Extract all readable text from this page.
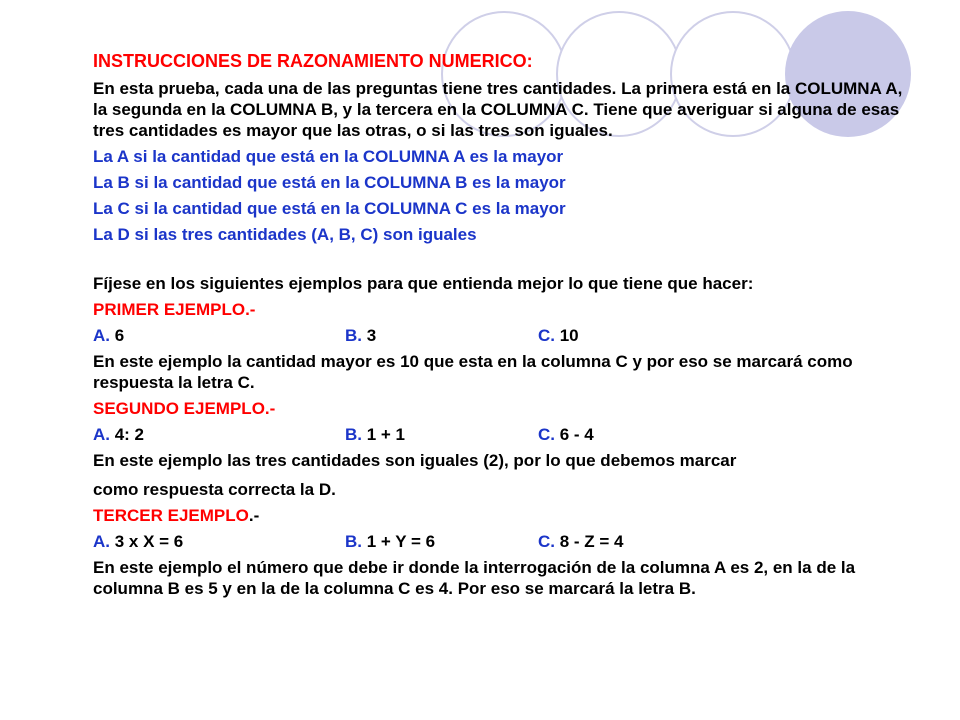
INSTRUCCIONES DE RAZONAMIENTO NUMERICO:
En esta prueba, cada una de las preguntas tiene tres cantidades. La primera está en la COLUMNA A, la segunda en la COLUMNA B, y la tercera en la COLUMNA C. Tiene que averiguar si alguna de esas tres cantidades es mayor que las otras, o si las tres son iguales.
La A si la cantidad que está en la COLUMNA A es la mayor
La B si la cantidad que está en la COLUMNA B es la mayor
La C si la cantidad que está en la COLUMNA C es la mayor
La D si las tres cantidades (A, B, C) son iguales
Fíjese en los siguientes ejemplos para que entienda mejor lo que tiene que hacer:
PRIMER EJEMPLO.-
A. 6	B. 3	C. 10
En este ejemplo la cantidad mayor es 10 que esta en la columna C y por eso se marcará como respuesta la letra C.
SEGUNDO EJEMPLO.-
A. 4: 2	B. 1 + 1	C. 6 - 4
En este ejemplo las tres cantidades son iguales (2), por lo que debemos marcar
como respuesta correcta la D.
TERCER EJEMPLO.-
A. 3 x X = 6	B. 1 + Y = 6	C. 8 - Z = 4
En este ejemplo el número que debe ir donde la interrogación de la columna A es 2, en la de la columna B es 5 y en la de la columna C es 4. Por eso se marcará la letra B.
